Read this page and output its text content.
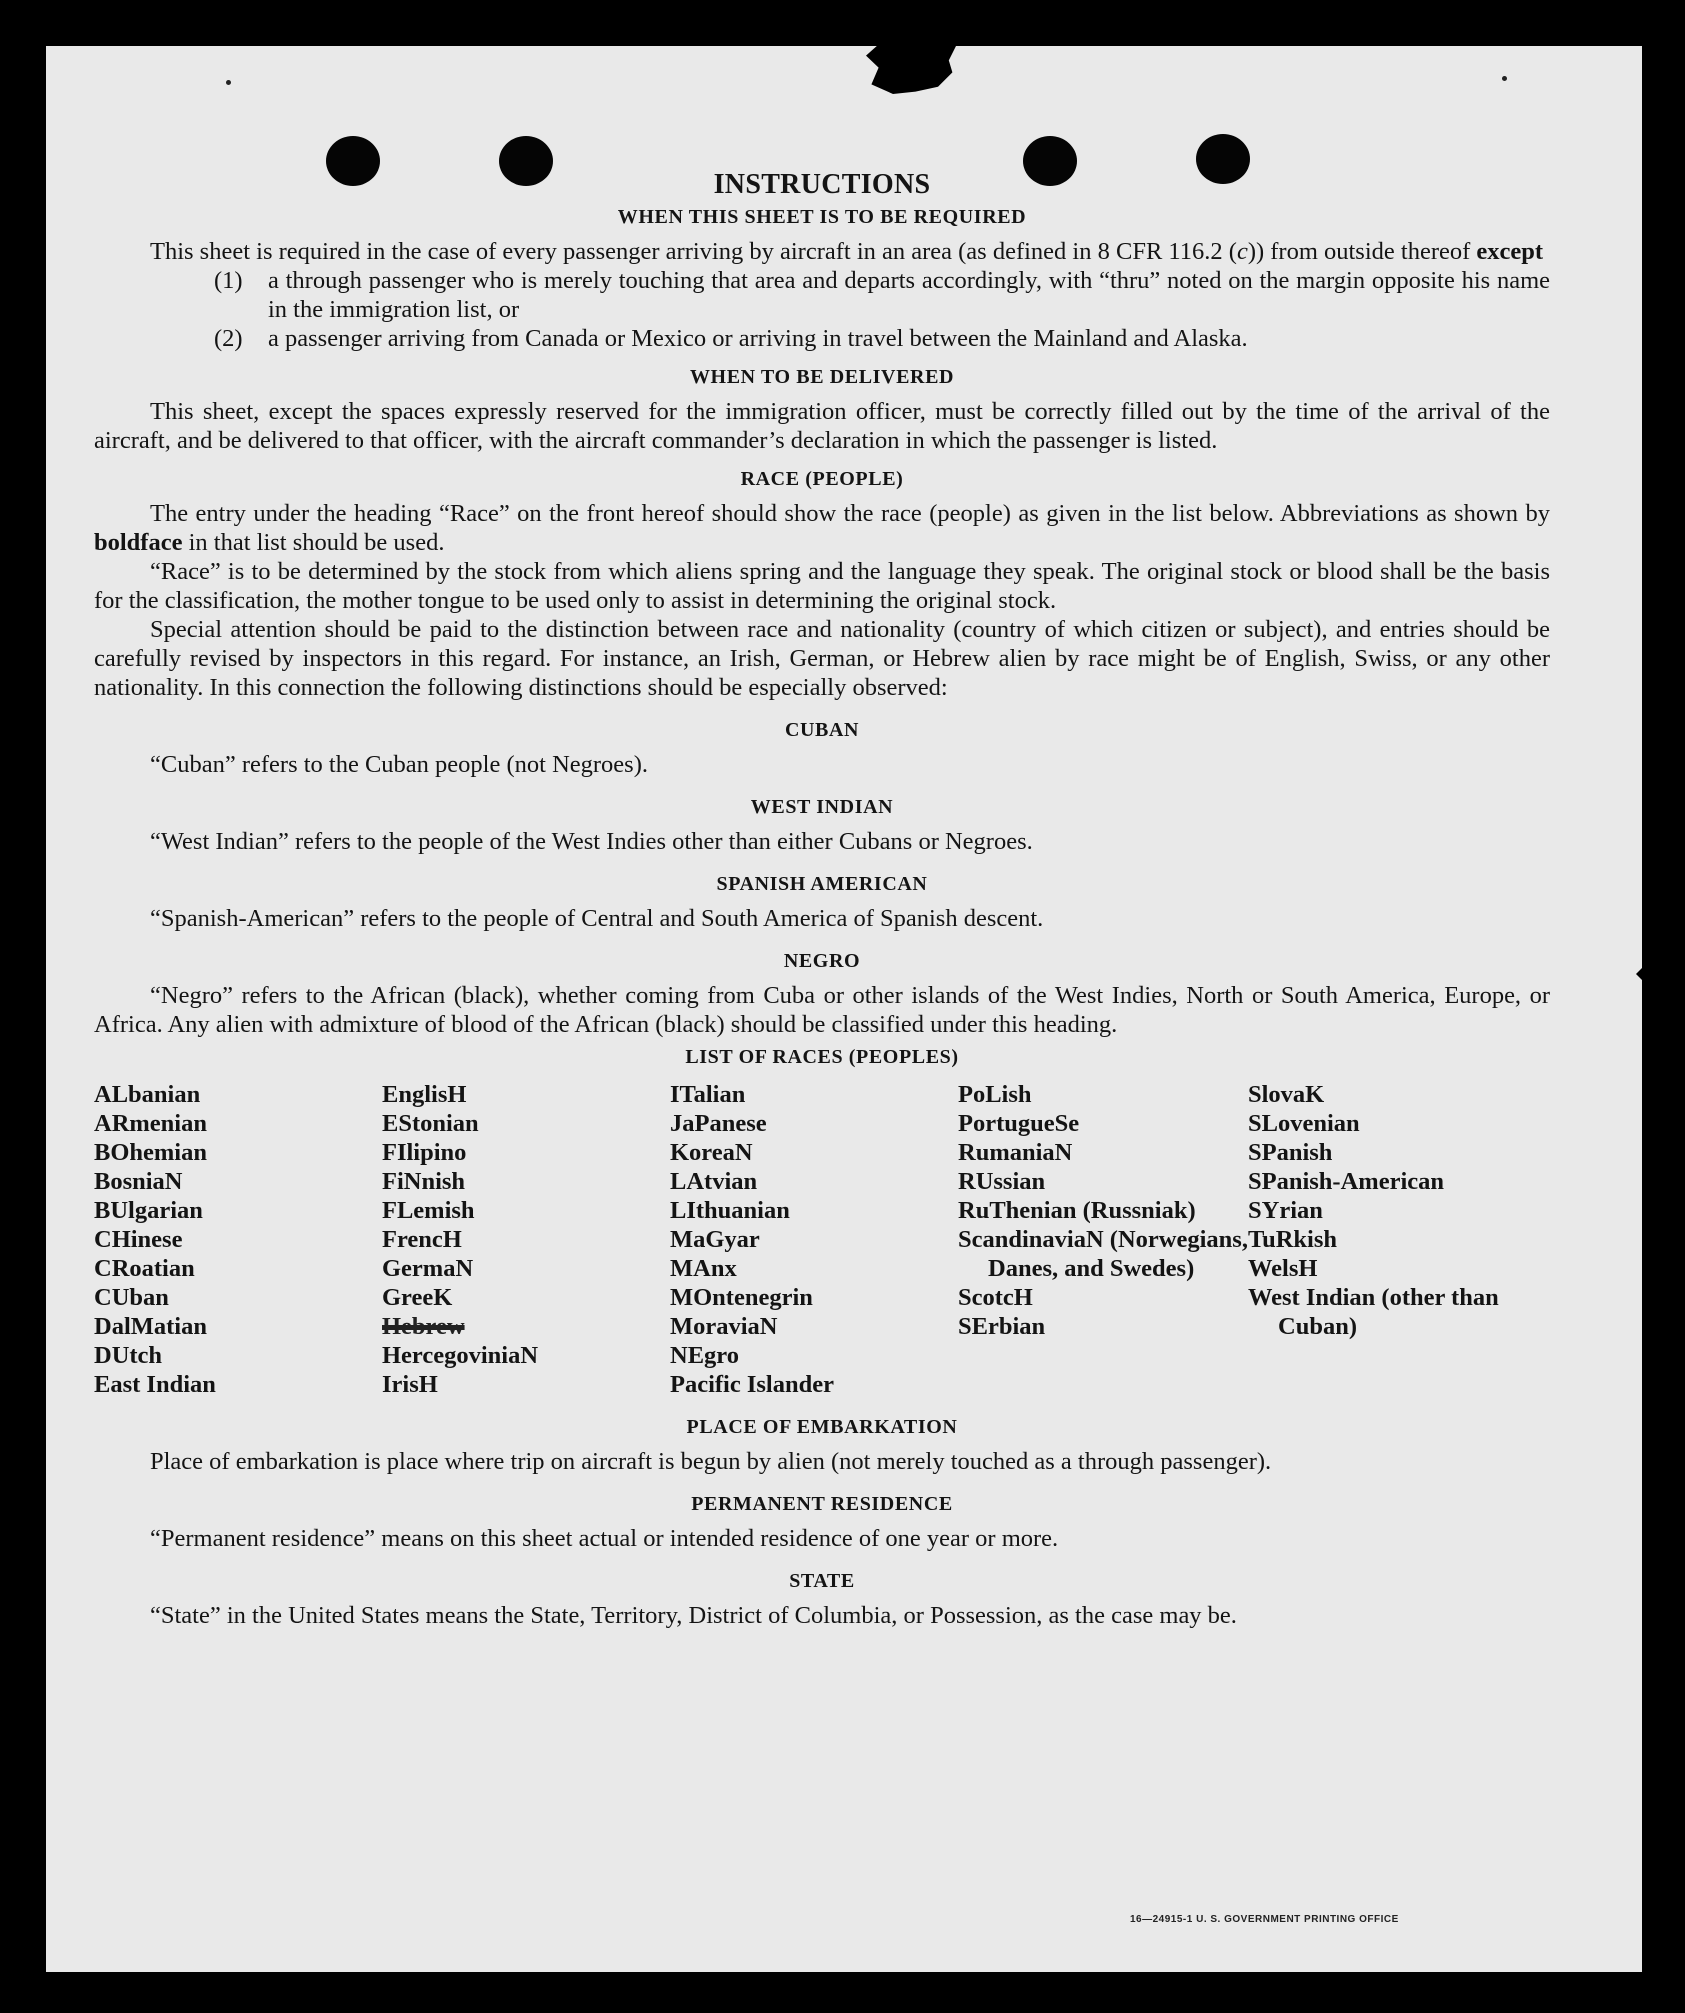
INSTRUCTIONS
WHEN THIS SHEET IS TO BE REQUIRED

This sheet is required in the case of every passenger arriving by aircraft in an area (as defined in 8 CFR 116.2 (c)) from outside thereof except

(1)	a through passenger who is merely touching that area and departs accordingly, with “thru” noted on the margin opposite his name in the immigration list, or
(2)	a passenger arriving from Canada or Mexico or arriving in travel between the Mainland and Alaska.
WHEN TO BE DELIVERED

This sheet, except the spaces expressly reserved for the immigration officer, must be correctly filled out by the time of the arrival of the aircraft, and be delivered to that officer, with the aircraft commander’s declaration in which the passenger is listed.

RACE (PEOPLE)

The entry under the heading “Race” on the front hereof should show the race (people) as given in the list below. Abbreviations as shown by boldface in that list should be used.

“Race” is to be determined by the stock from which aliens spring and the language they speak. The original stock or blood shall be the basis for the classification, the mother tongue to be used only to assist in determining the original stock.

Special attention should be paid to the distinction between race and nationality (country of which citizen or subject), and entries should be carefully revised by inspectors in this regard. For instance, an Irish, German, or Hebrew alien by race might be of English, Swiss, or any other nationality. In this connection the following distinctions should be especially observed:

CUBAN

“Cuban” refers to the Cuban people (not Negroes).

WEST INDIAN

“West Indian” refers to the people of the West Indies other than either Cubans or Negroes.

SPANISH AMERICAN

“Spanish-American” refers to the people of Central and South America of Spanish descent.

NEGRO

“Negro” refers to the African (black), whether coming from Cuba or other islands of the West Indies, North or South America, Europe, or Africa. Any alien with admixture of blood of the African (black) should be classified under this heading.

LIST OF RACES (PEOPLES)
ALbanian
ARmenian
BOhemian
BosniaN
BUlgarian
CHinese
CRoatian
CUban
DalMatian
DUtch
East Indian
EnglisH
EStonian
FIlipino
FiNnish
FLemish
FrencH
GermaN
GreeK
Hebrew
HercegoviniaN
IrisH
ITalian
JaPanese
KoreaN
LAtvian
LIthuanian
MaGyar
MAnx
MOntenegrin
MoraviaN
NEgro
Pacific Islander
PoLish
PortugueSe
RumaniaN
RUssian
RuThenian (Russniak)
ScandinaviaN (Norwegians, Danes, and Swedes)
ScotcH
SErbian
SlovaK
SLovenian
SPanish
SPanish-American
SYrian
TuRkish
WelsH
West Indian (other than Cuban)
PLACE OF EMBARKATION

Place of embarkation is place where trip on aircraft is begun by alien (not merely touched as a through passenger).

PERMANENT RESIDENCE

“Permanent residence” means on this sheet actual or intended residence of one year or more.

STATE

“State” in the United States means the State, Territory, District of Columbia, or Possession, as the case may be.

16—24915-1 U. S. GOVERNMENT PRINTING OFFICE
